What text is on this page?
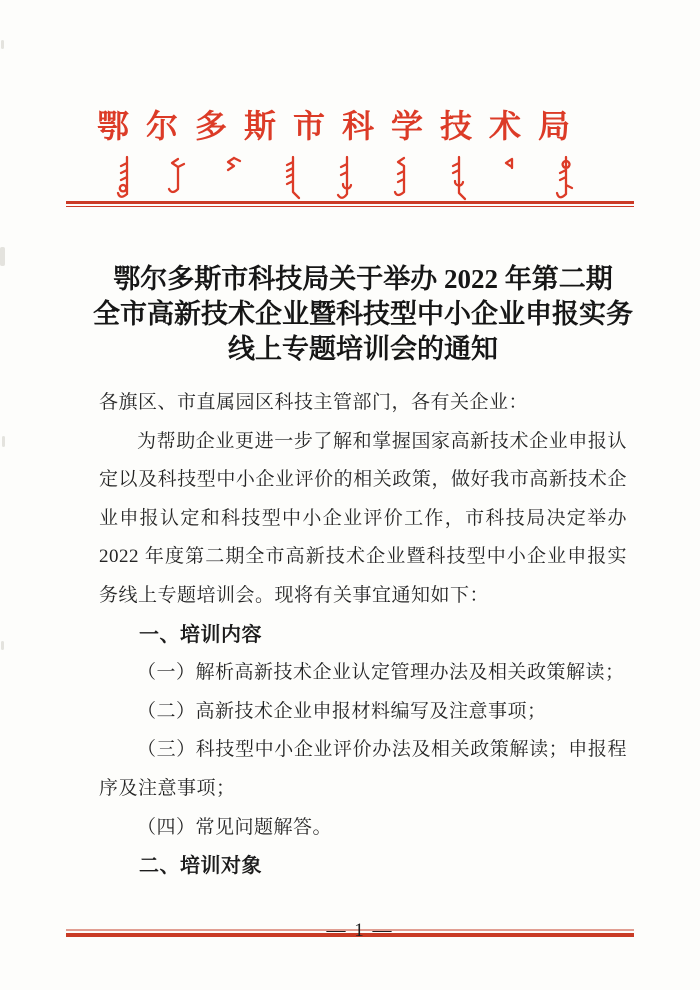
鄂尔多斯市科学技术局
鄂尔多斯市科技局关于举办 2022 年第二期
全市高新技术企业暨科技型中小企业申报实务
线上专题培训会的通知

各旗区、市直属园区科技主管部门，各有关企业：

为帮助企业更进一步了解和掌握国家高新技术企业申报认定以及科技型中小企业评价的相关政策，做好我市高新技术企业申报认定和科技型中小企业评价工作，市科技局决定举办 2022 年度第二期全市高新技术企业暨科技型中小企业申报实务线上专题培训会。现将有关事宜通知如下：

一、培训内容

（一）解析高新技术企业认定管理办法及相关政策解读；

（二）高新技术企业申报材料编写及注意事项；

（三）科技型中小企业评价办法及相关政策解读；申报程序及注意事项；

（四）常见问题解答。

二、培训对象

— 1 —
